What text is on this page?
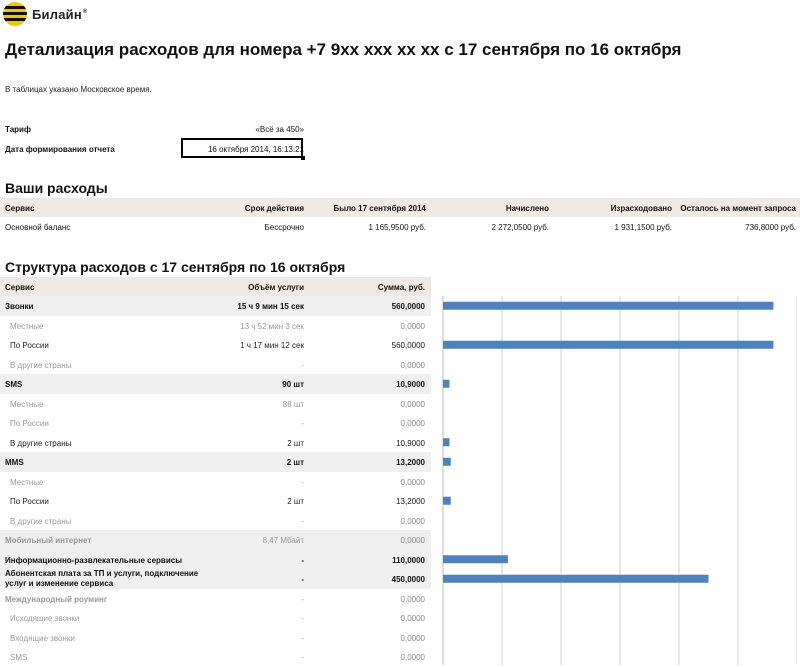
Билайн®
Детализация расходов для номера +7 9xx xxx xx xx с 17 сентября по 16 октября
В таблицах указано Московское время.
Тариф	«Всё за 450»
Дата формирования отчета	16 октября 2014, 16:13:21
Ваши расходы
Сервис	Срок действия	Было 17 сентября 2014	Начислено	Израсходовано	Осталось на момент запроса
Основной баланс	Бессрочно	1 165,9500 руб.	2 272,0500 руб.	1 931,1500 руб.	736,8000 руб.
Структура расходов с 17 сентября по 16 октября
Сервис	Объём услуги	Сумма, руб.
Звонки	15 ч 9 мин 15 сек	560,0000
Местные	13 ч 52 мин 3 сек	0,0000
По России	1 ч 17 мин 12 сек	560,0000
В другие страны	-	0,0000
SMS	90 шт	10,9000
Местные	88 шт	0,0000
По России	-	0,0000
В другие страны	2 шт	10,9000
MMS	2 шт	13,2000
Местные	-	0,0000
По России	2 шт	13,2000
В другие страны	-	0,0000
Мобильный интернет	8,47 Мбайт	0,0000
Информационно-развлекательные сервисы	-	110,0000
Абонентская плата за ТП и услуги, подключение услуг и изменение сервиса	-	450,0000
Международный роуминг	-	0,0000
Исходящие звонки	-	0,0000
Входящие звонки	-	0,0000
SMS	-	0,0000
